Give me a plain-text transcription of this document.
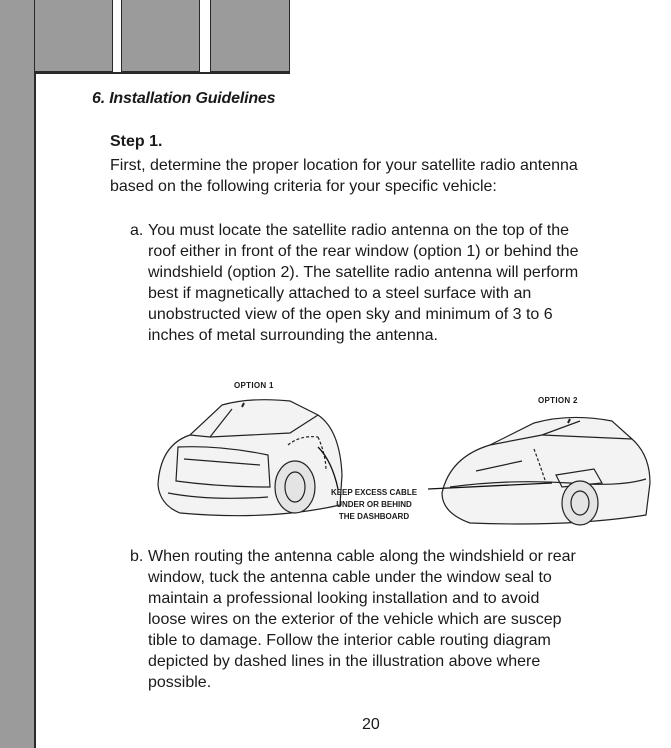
6. Installation Guidelines
Step 1.
First, determine the proper location for your satellite radio antenna
based on the following criteria for your specific vehicle:
a. You must locate the satellite radio antenna on the top of the
roof either in front of the rear window (option 1) or behind the
windshield (option 2). The satellite radio antenna will perform
best if magnetically attached to a steel surface with an
unobstructed view of the open sky and minimum of 3 to 6
inches of metal surrounding the antenna.
OPTION 1
OPTION 2
KEEP EXCESS CABLE
UNDER OR BEHIND
THE DASHBOARD
b. When routing the antenna cable along the windshield or rear
window, tuck the antenna cable under the window seal to
maintain a professional looking installation and to avoid
loose wires on the exterior of the vehicle which are suscep
tible to damage. Follow the interior cable routing diagram
depicted by dashed lines in the illustration above where
possible.
20
